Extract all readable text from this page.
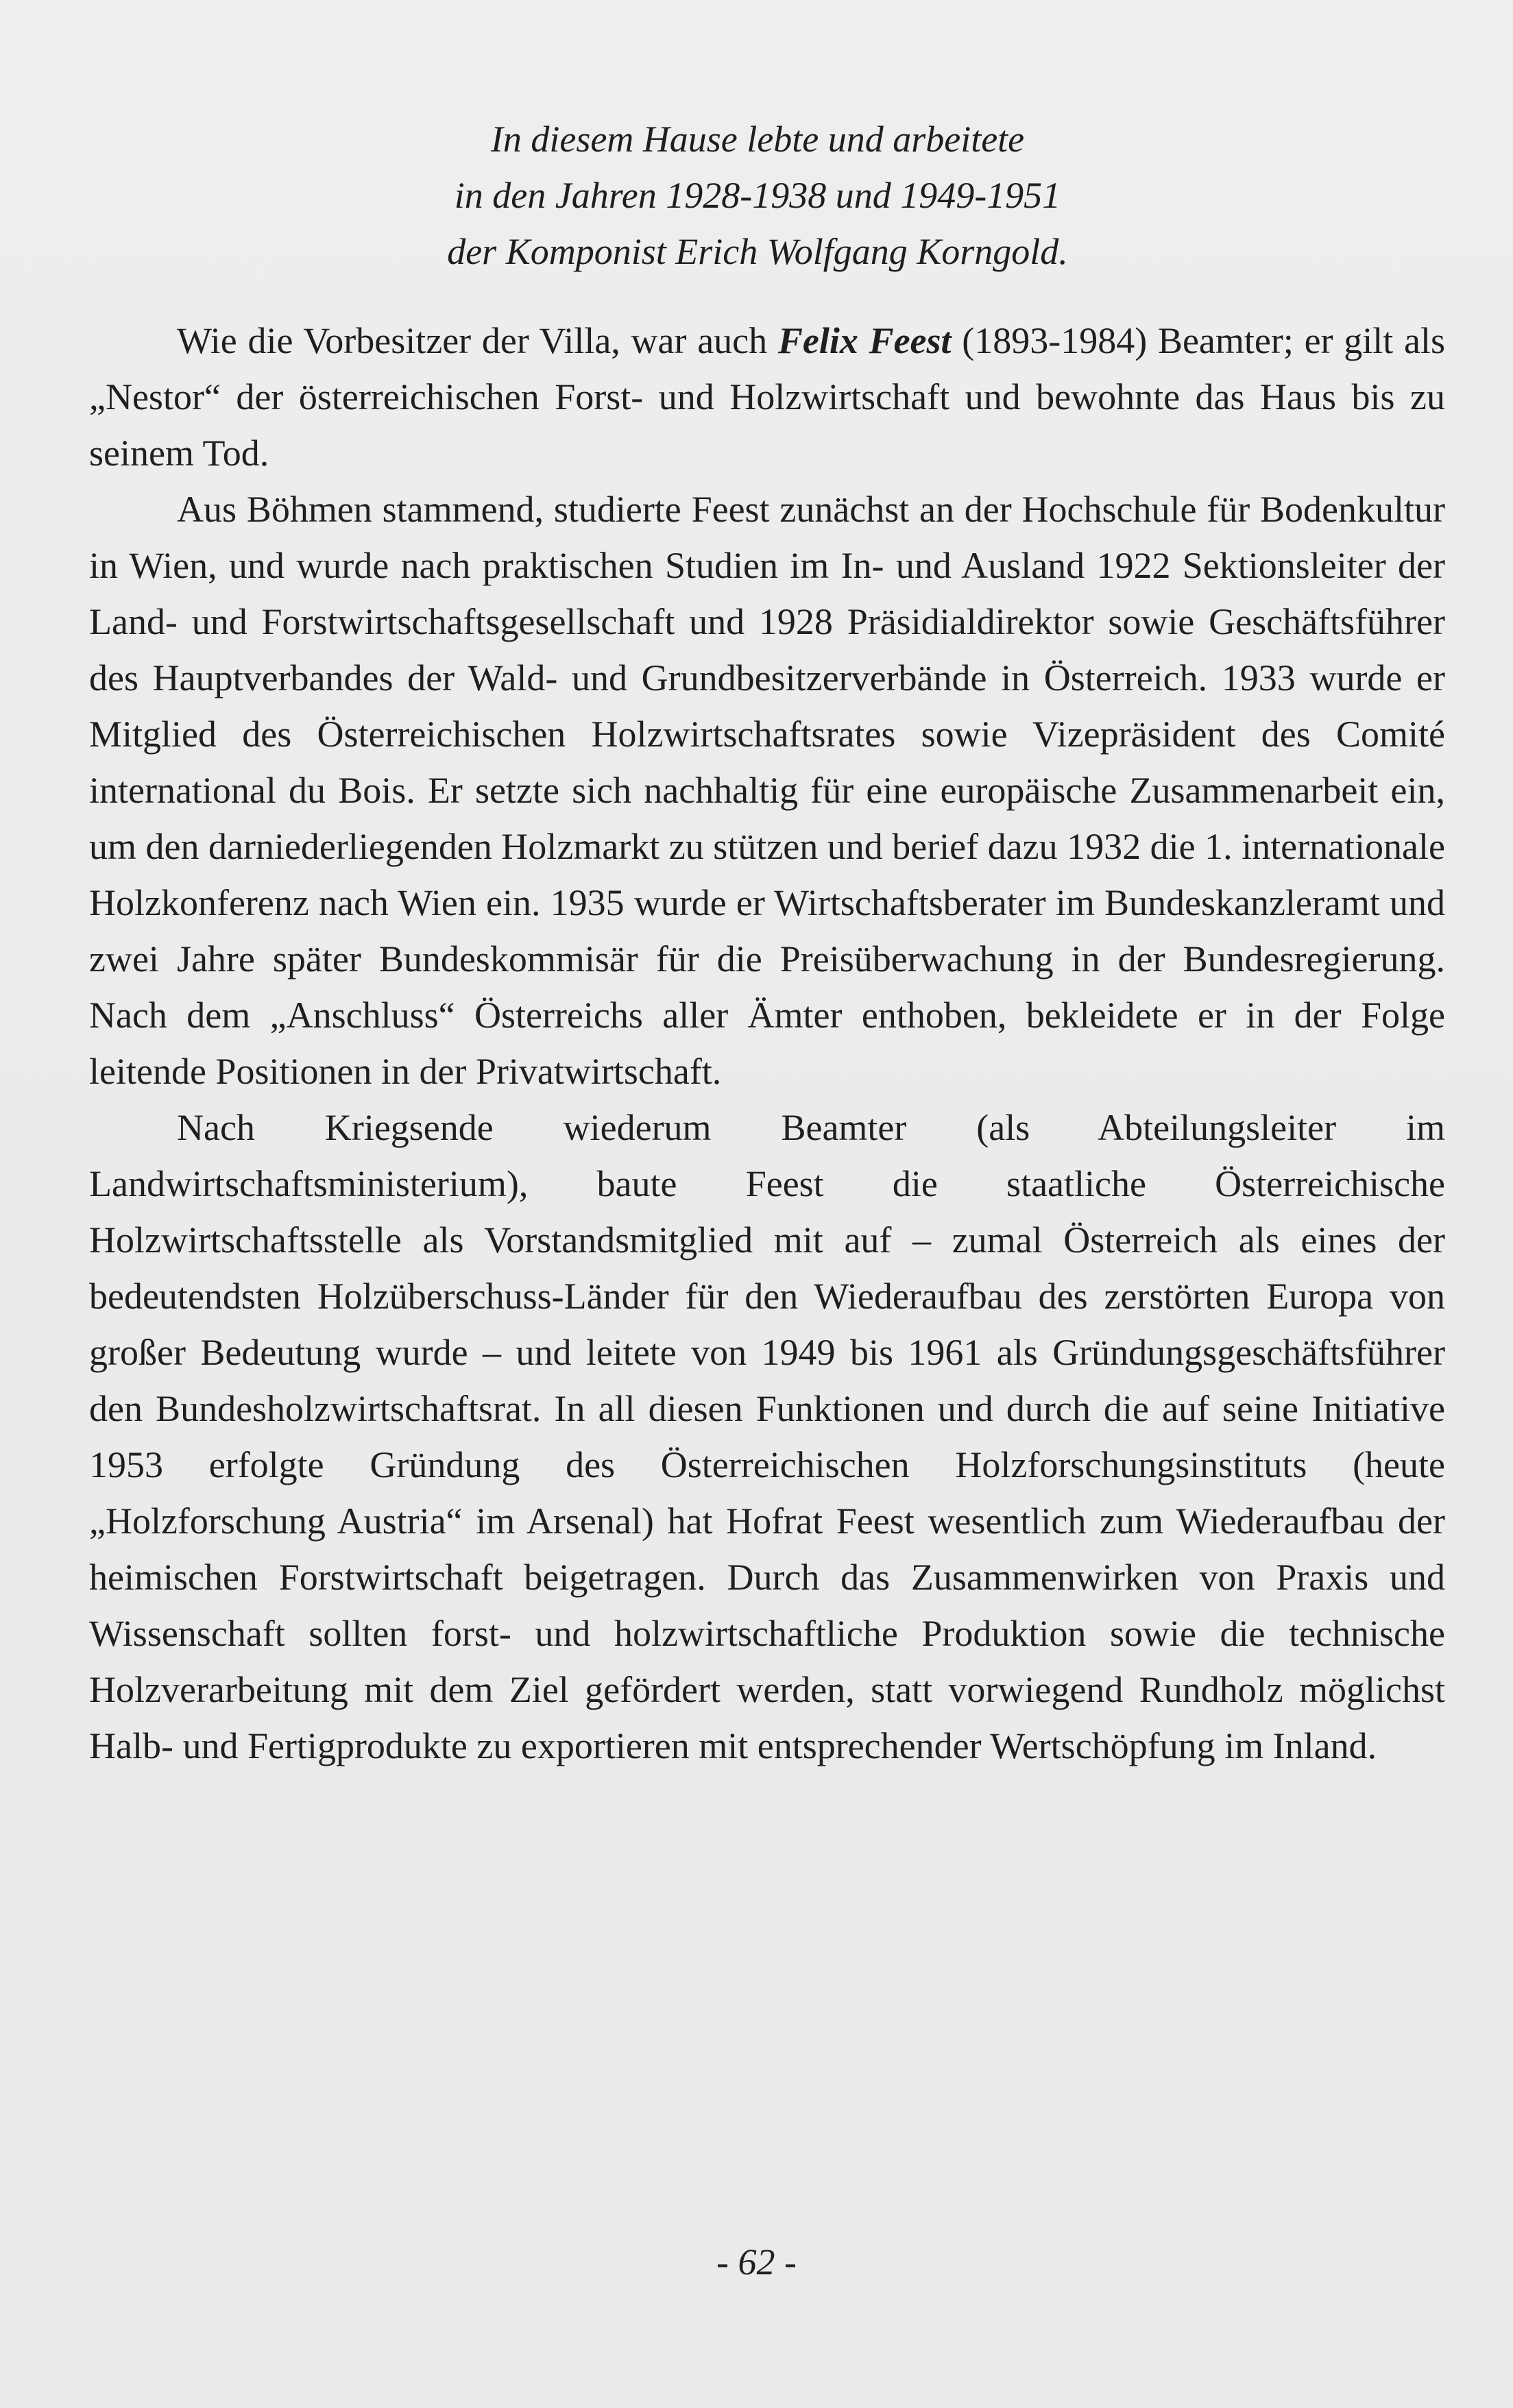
In diesem Hause lebte und arbeitete
in den Jahren 1928-1938 und 1949-1951
der Komponist Erich Wolfgang Korngold.

Wie die Vorbesitzer der Villa, war auch Felix Feest (1893-1984) Beamter; er gilt als „Nestor“ der österreichischen Forst- und Holzwirtschaft und bewohnte das Haus bis zu seinem Tod.

Aus Böhmen stammend, studierte Feest zunächst an der Hochschule für Bodenkultur in Wien, und wurde nach praktischen Studien im In- und Ausland 1922 Sektionsleiter der Land- und Forstwirtschaftsgesellschaft und 1928 Präsidialdirektor sowie Geschäftsführer des Hauptverbandes der Wald- und Grundbesitzerverbände in Österreich. 1933 wurde er Mitglied des Österreichischen Holzwirtschaftsrates sowie Vizepräsident des Comité international du Bois. Er setzte sich nachhaltig für eine europäische Zusammenarbeit ein, um den darniederliegenden Holzmarkt zu stützen und berief dazu 1932 die 1. internationale Holzkonferenz nach Wien ein. 1935 wurde er Wirtschaftsberater im Bundeskanzleramt und zwei Jahre später Bundeskommisär für die Preisüberwachung in der Bundesregierung. Nach dem „Anschluss“ Österreichs aller Ämter enthoben, bekleidete er in der Folge leitende Positionen in der Privatwirtschaft.

Nach Kriegsende wiederum Beamter (als Abteilungsleiter im Landwirtschaftsministerium), baute Feest die staatliche Österreichische Holzwirtschaftsstelle als Vorstandsmitglied mit auf – zumal Österreich als eines der bedeutendsten Holzüberschuss-Länder für den Wiederaufbau des zerstörten Europa von großer Bedeutung wurde – und leitete von 1949 bis 1961 als Gründungsgeschäftsführer den Bundesholzwirtschaftsrat. In all diesen Funktionen und durch die auf seine Initiative 1953 erfolgte Gründung des Österreichischen Holzforschungsinstituts (heute „Holzforschung Austria“ im Arsenal) hat Hofrat Feest wesentlich zum Wiederaufbau der heimischen Forstwirtschaft beigetragen. Durch das Zusammenwirken von Praxis und Wissenschaft sollten forst- und holzwirtschaftliche Produktion sowie die technische Holzverarbeitung mit dem Ziel gefördert werden, statt vorwiegend Rundholz möglichst Halb- und Fertigprodukte zu exportieren mit entsprechender Wertschöpfung im Inland.

- 62 -
